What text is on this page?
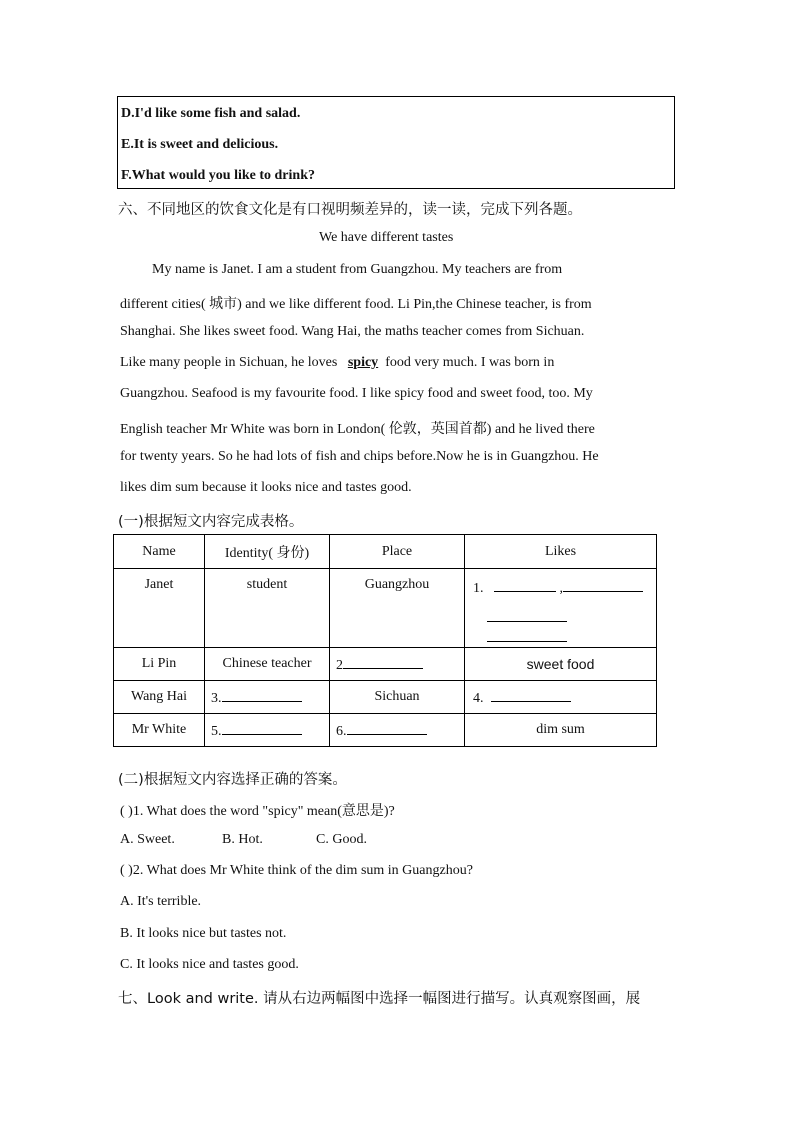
D.I'd like some fish and salad.
E.It is sweet and delicious.
F.What would you like to drink?
六、不同地区的饮食文化是有口视明频差异的，读一读，完成下列各题。
We have different tastes
My name is Janet. I am a student from Guangzhou. My teachers are from
different cities( 城市) and we like different food. Li Pin,the Chinese teacher, is from
Shanghai. She likes sweet food. Wang Hai, the maths teacher comes from Sichuan.
Like many people in Sichuan, he loves spicy food very much. I was born in
Guangzhou. Seafood is my favourite food. I like spicy food and sweet food, too. My
English teacher Mr White was born in London( 伦敦，英国首都) and he lived there
for twenty years. So he had lots of fish and chips before.Now he is in Guangzhou. He
likes dim sum because it looks nice and tastes good.
(一)根据短文内容完成表格。
Name	Identity( 身份)	Place	Likes
Janet	student	Guangzhou	1. ,

Li Pin	Chinese teacher	2	sweet food
Wang Hai	3.	Sichuan	4.
Mr White	5.	6.	dim sum
(二)根据短文内容选择正确的答案。
( )1. What does the word "spicy" mean(意思是)?
A. Sweet.	B. Hot.	C. Good.
( )2. What does Mr White think of the dim sum in Guangzhou?
A. It's terrible.
B. It looks nice but tastes not.
C. It looks nice and tastes good.
七、Look and write. 请从右边两幅图中选择一幅图进行描写。认真观察图画，展
